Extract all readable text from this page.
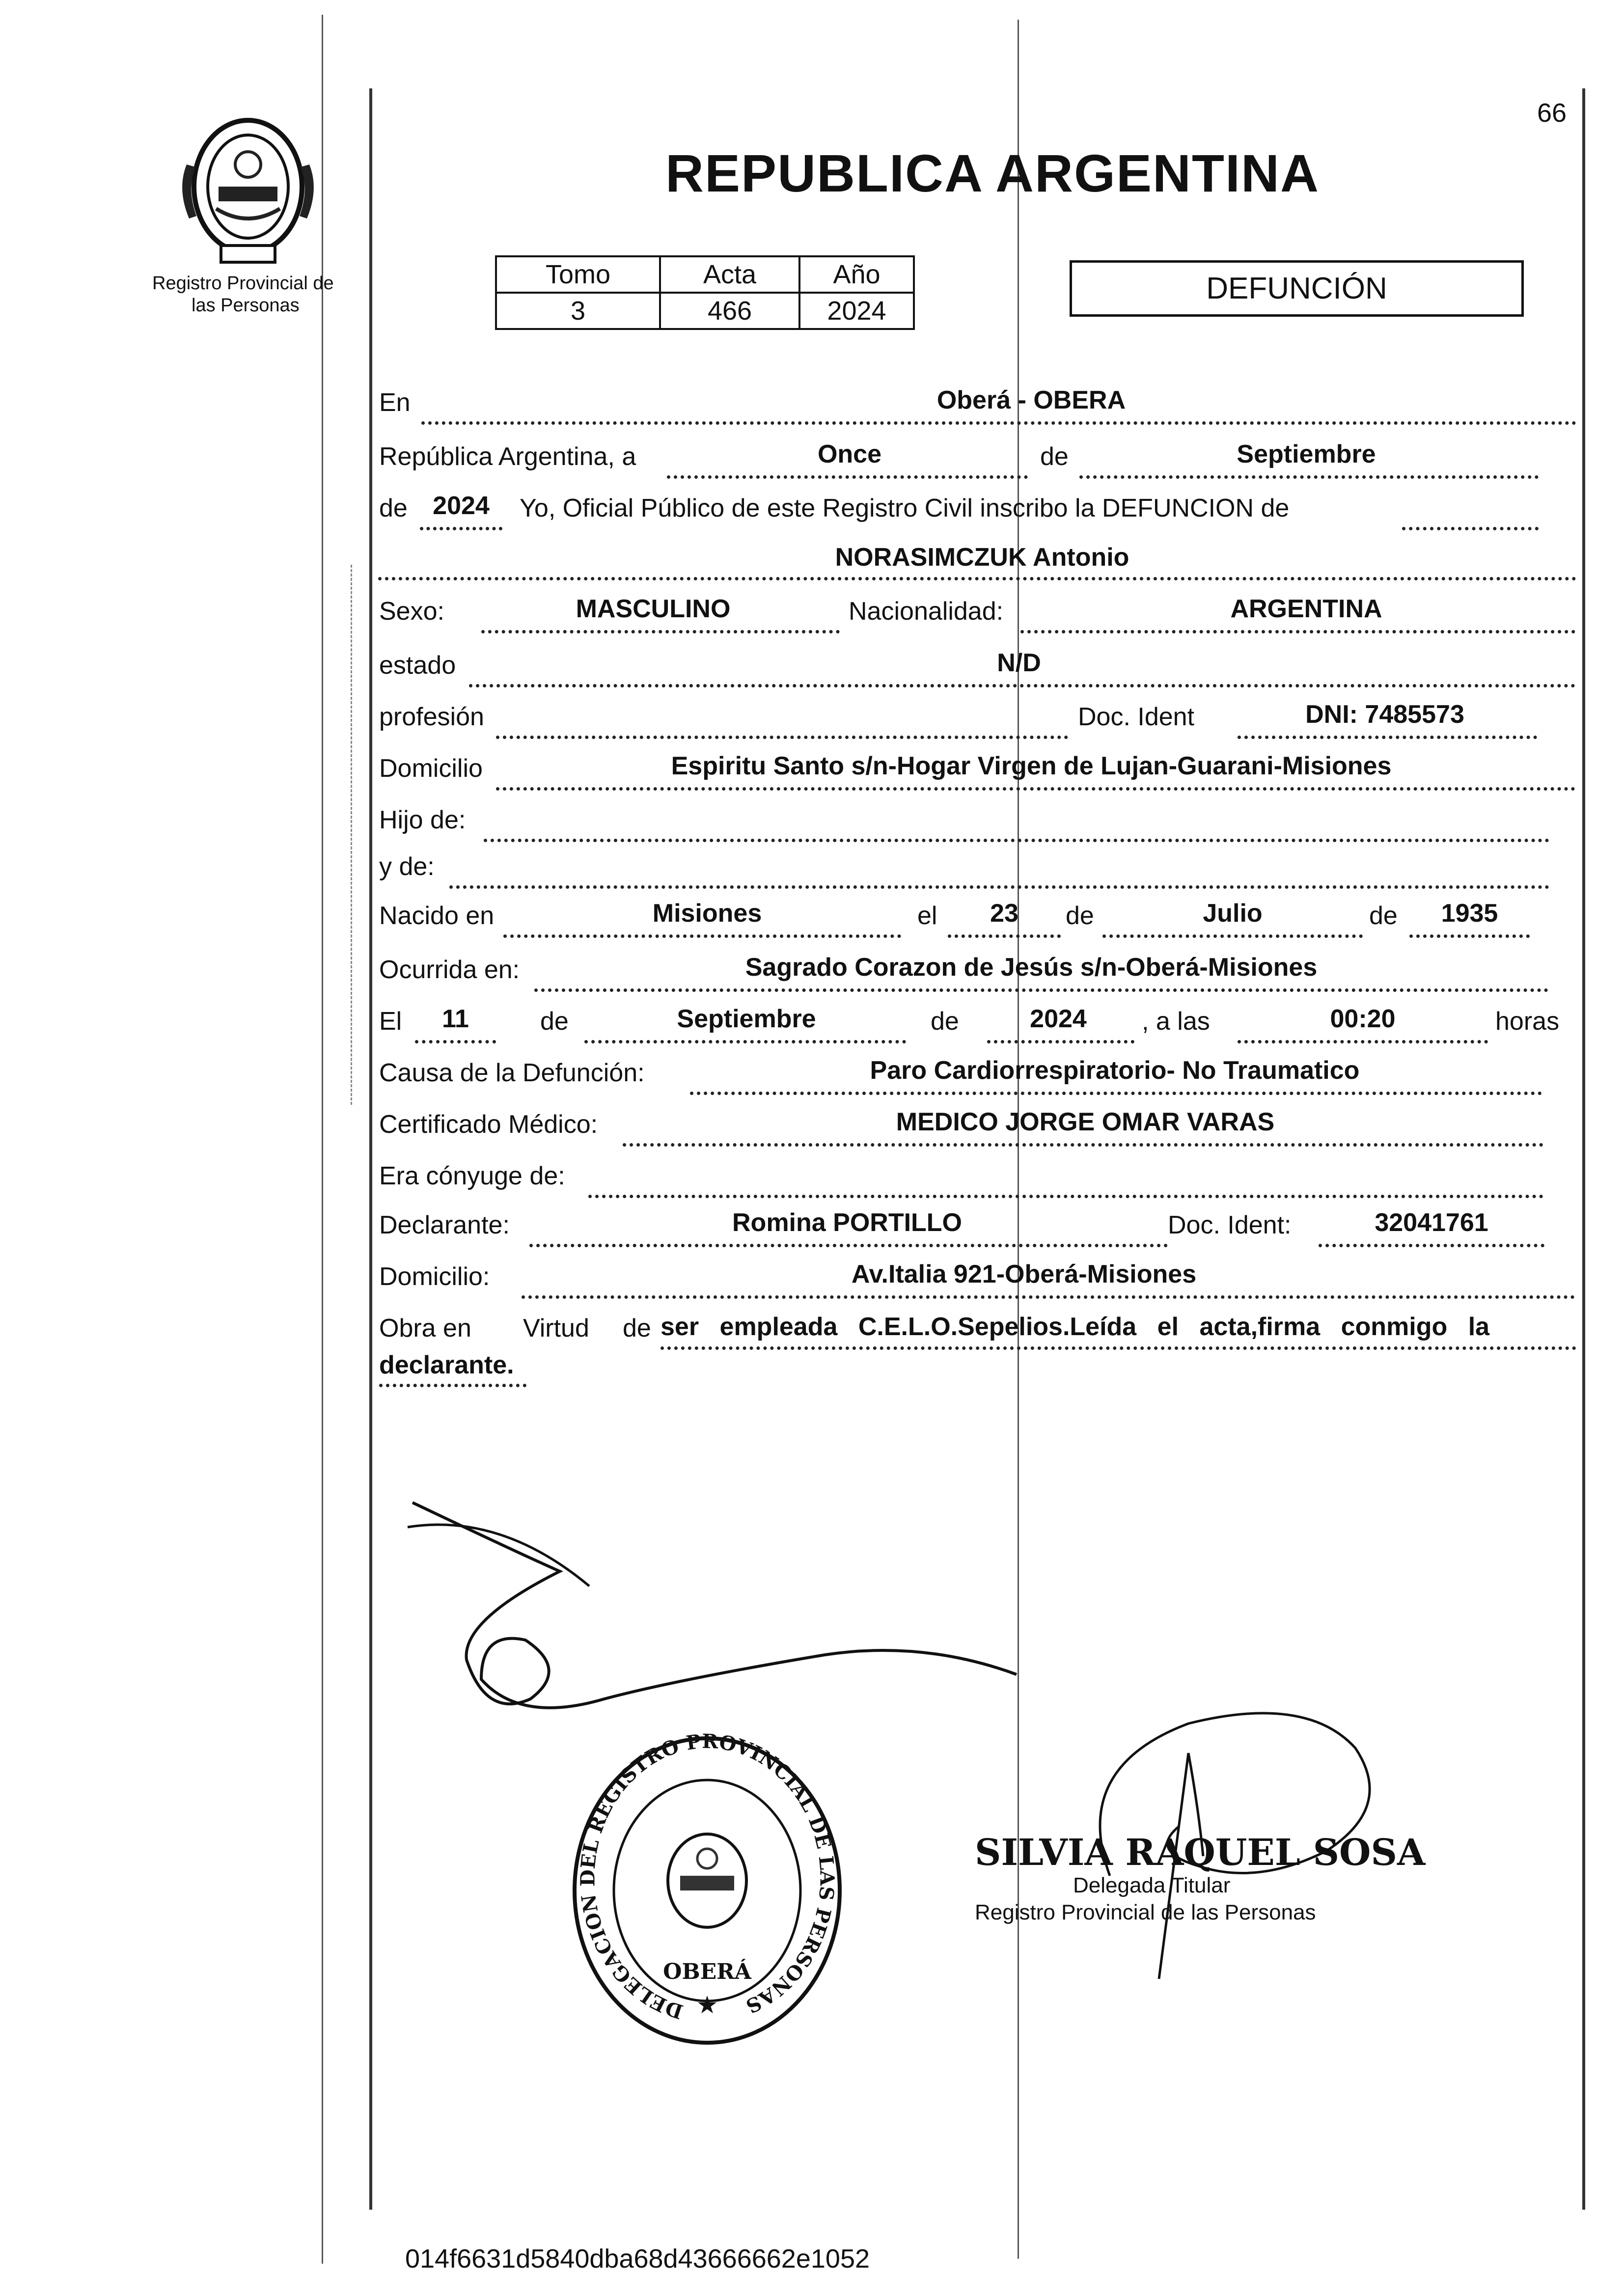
66
Registro Provincial de
las Personas
REPUBLICA ARGENTINA
Tomo	Acta	Año
3	466	2024
DEFUNCIÓN
En	Oberá - OBERA
República Argentina, a	Once	de	Septiembre
de 2024	Yo, Oficial Público de este Registro Civil inscribo la DEFUNCION de
NORASIMCZUK Antonio
Sexo:	MASCULINO	Nacionalidad:	ARGENTINA
estado	N/D
profesión	Doc. Ident	DNI: 7485573
Domicilio	Espiritu Santo s/n-Hogar Virgen de Lujan-Guarani-Misiones
Hijo de:
y de:
Nacido en	Misiones	el	23	de	Julio	de	1935
Ocurrida en:	Sagrado Corazon de Jesús s/n-Oberá-Misiones
El	11	de	Septiembre	de	2024	, a las	00:20	horas
Causa de la Defunción:	Paro Cardiorrespiratorio- No Traumatico
Certificado Médico:	MEDICO JORGE OMAR VARAS
Era cónyuge de:
Declarante:	Romina PORTILLO	Doc. Ident:	32041761
Domicilio:	Av.Italia 921-Oberá-Misiones
Obra en Virtud de ser empleada C.E.L.O.Sepelios.Leída el acta,firma conmigo la
declarante.
DELEGACION DEL REGISTRO PROVINCIAL DE LAS PERSONAS
OBERÁ
★
SILVIA RAQUEL SOSA
Delegada Titular
Registro Provincial de las Personas
014f6631d5840dba68d43666662e1052
